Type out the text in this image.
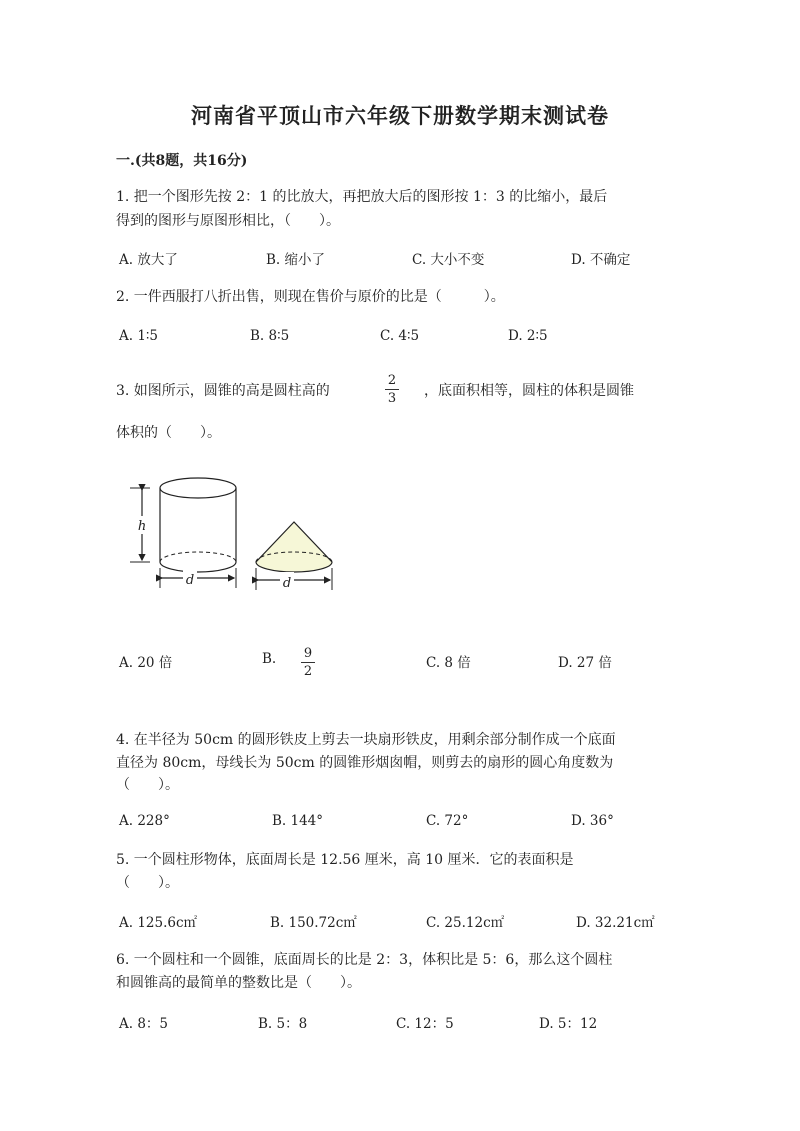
河南省平顶山市六年级下册数学期末测试卷
一.(共8题，共16分)
1. 把一个图形先按 2：1 的比放大，再把放大后的图形按 1：3 的比缩小，最后
得到的图形与原图形相比，（　　）。
A. 放大了	B. 缩小了	C. 大小不变	D. 不确定
2. 一件西服打八折出售，则现在售价与原价的比是（　　　）。
A. 1∶5	B. 8∶5	C. 4∶5	D. 2∶5
3. 如图所示，圆锥的高是圆柱高的
2
3 ，底面积相等，圆柱的体积是圆锥
体积的（　　）。
h
d	d
A. 20 倍	B. 9
2
C. 8 倍	D. 27 倍
4. 在半径为 50cm 的圆形铁皮上剪去一块扇形铁皮，用剩余部分制作成一个底面
直径为 80cm，母线长为 50cm 的圆锥形烟囱帽，则剪去的扇形的圆心角度数为
（　　）。
A. 228°	B. 144°	C. 72°	D. 36°
5. 一个圆柱形物体，底面周长是 12.56 厘米，高 10 厘米．它的表面积是
（　　）。
A. 125.6c㎡	B. 150.72c㎡	C. 25.12c㎡	D. 32.21c㎡
6. 一个圆柱和一个圆锥，底面周长的比是 2：3，体积比是 5：6，那么这个圆柱
和圆锥高的最简单的整数比是（　　）。
A. 8：5	B. 5：8	C. 12：5	D. 5：12
